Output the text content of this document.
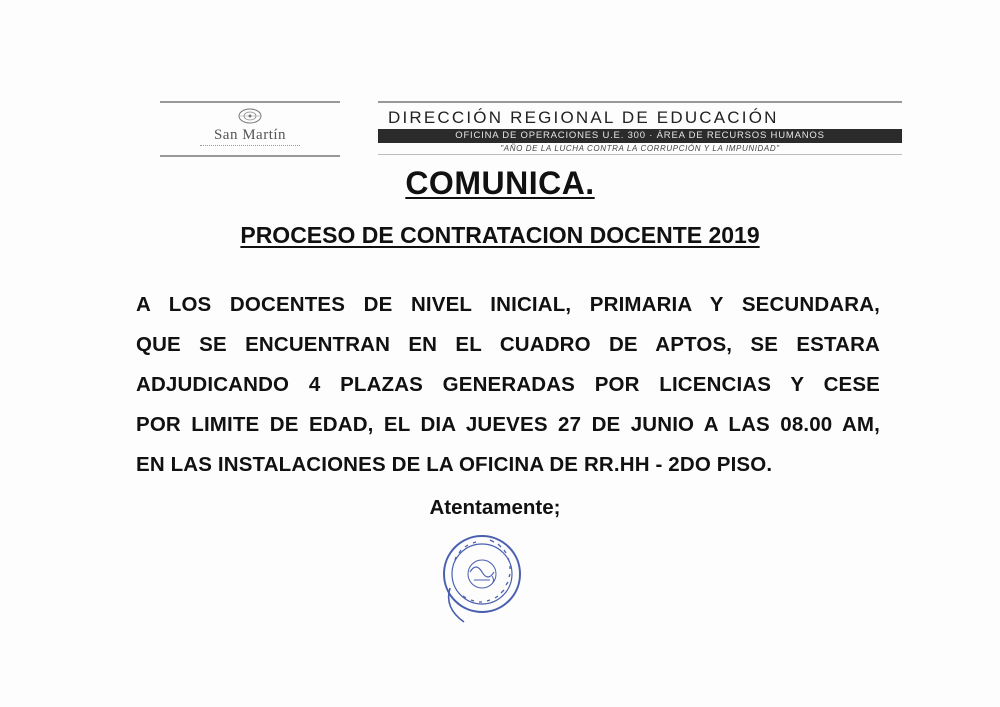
San Martín
DIRECCIÓN REGIONAL DE EDUCACIÓN
OFICINA DE OPERACIONES U.E. 300 · ÁREA DE RECURSOS HUMANOS
"AÑO DE LA LUCHA CONTRA LA CORRUPCIÓN Y LA IMPUNIDAD"
COMUNICA.
PROCESO DE CONTRATACION DOCENTE 2019
A LOS DOCENTES DE NIVEL INICIAL, PRIMARIA Y SECUNDARA,
QUE SE ENCUENTRAN EN EL CUADRO DE APTOS, SE ESTARA
ADJUDICANDO 4 PLAZAS GENERADAS POR LICENCIAS Y CESE
POR LIMITE DE EDAD, EL DIA JUEVES 27 DE JUNIO A LAS 08.00 AM,
EN LAS INSTALACIONES DE LA OFICINA DE RR.HH - 2DO PISO.
Atentamente;
